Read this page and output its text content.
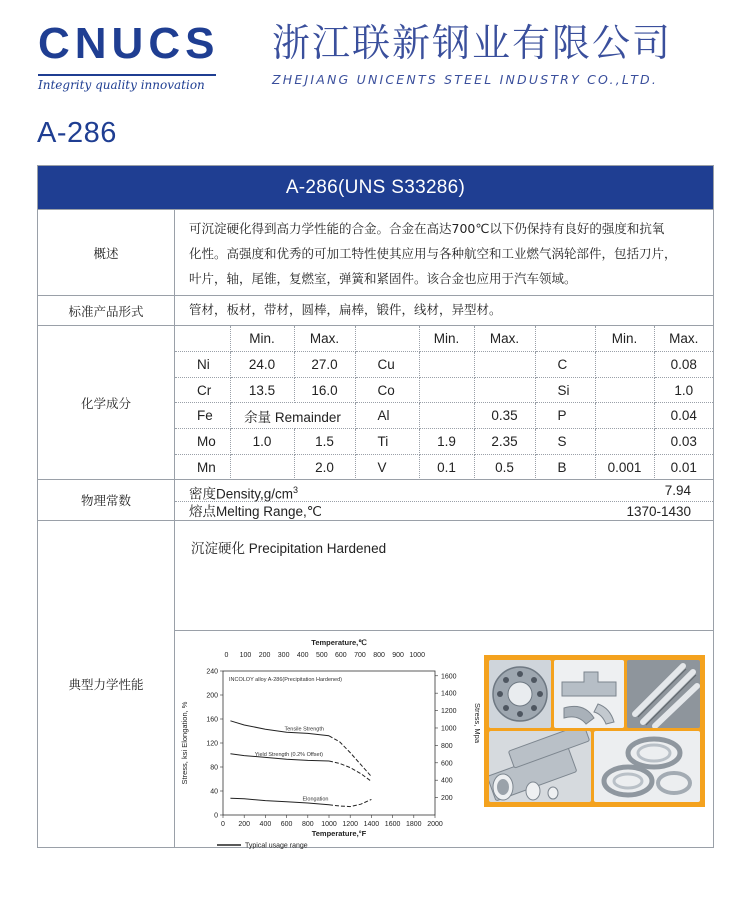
CNUCS
Integrity quality innovation
浙江联新钢业有限公司
ZHEJIANG UNICENTS STEEL INDUSTRY CO.,LTD.
A-286
A-286(UNS S33286)
概述
可沉淀硬化得到高力学性能的合金。合金在高达700℃以下仍保持有良好的强度和抗氧
化性。高强度和优秀的可加工特性使其应用与各种航空和工业燃气涡轮部件，包括刀片，
叶片，轴，尾锥，复燃室，弹簧和紧固件。该合金也应用于汽车领域。
标准产品形式	管材，板材，带材，圆棒，扁棒，锻件，线材，异型材。
化学成分
	Min.	Max.		Min.	Max.		Min.	Max.
Ni	24.0	27.0	Cu			C		0.08
Cr	13.5	16.0	Co			Si		1.0
Fe	余量 Remainder		Al		0.35	P		0.04
Mo	1.0	1.5	Ti	1.9	2.35	S		0.03
Mn		2.0	V	0.1	0.5	B	0.001	0.01
物理常数	密度$Density,g/cm^3$	7.94
熔点Melting Range,℃	1370-1430
典型力学性能
沉淀硬化 Precipitation Hardened
Temperature,℃
0 100 200 300 400 500 600 700 800 900 1000
0 200 400 600 800 1000 1200 1400 1600 1800 2000
Temperature,°F
0
40
80
120
160
200
240
Stress, ksi Elongation, %
200
400
600
800
1000
1200
1400
1600
Stress, Mpa
INCOLOY alloy A-286(Precipitation Hardened)
Tensile Strength
Yield Strength (0.2% Offset)
Elongation
Typical usage range
